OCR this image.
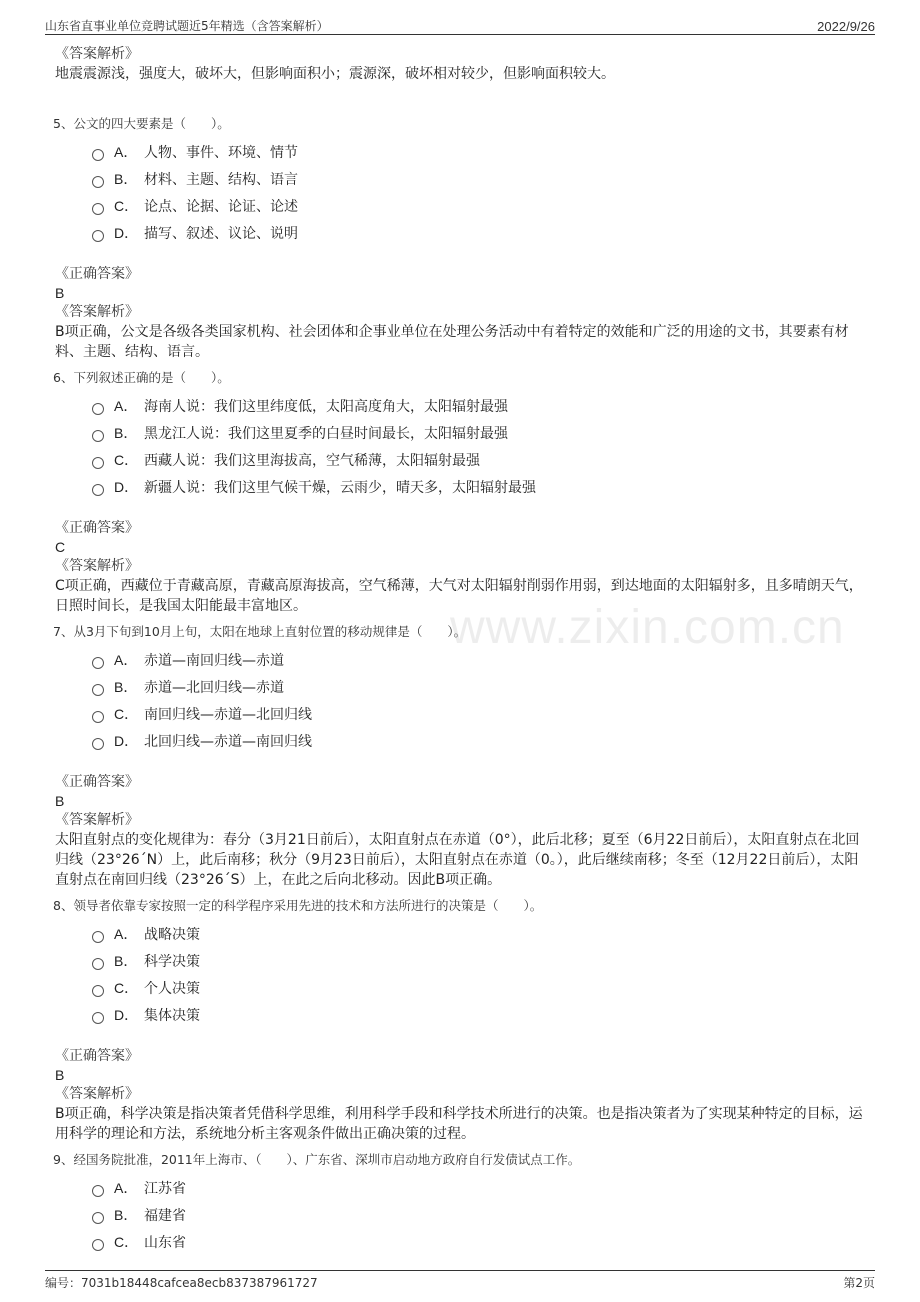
山东省直事业单位竞聘试题近5年精选（含答案解析）	2022/9/26
www.zixin.com.cn
《答案解析》
地震震源浅，强度大，破坏大，但影响面积小；震源深，破坏相对较少，但影响面积较大。
5、公文的四大要素是（　　）。
A． 人物、事件、环境、情节
B． 材料、主题、结构、语言
C． 论点、论据、论证、论述
D． 描写、叙述、议论、说明
《正确答案》
B
《答案解析》
B项正确，公文是各级各类国家机构、社会团体和企事业单位在处理公务活动中有着特定的效能和广泛的用途的文书，其要素有材料、主题、结构、语言。
6、下列叙述正确的是（　　）。
A． 海南人说：我们这里纬度低，太阳高度角大，太阳辐射最强
B． 黑龙江人说：我们这里夏季的白昼时间最长，太阳辐射最强
C． 西藏人说：我们这里海拔高，空气稀薄，太阳辐射最强
D． 新疆人说：我们这里气候干燥，云雨少，晴天多，太阳辐射最强
《正确答案》
C
《答案解析》
C项正确，西藏位于青藏高原，青藏高原海拔高，空气稀薄，大气对太阳辐射削弱作用弱，到达地面的太阳辐射多，且多晴朗天气，日照时间长，是我国太阳能最丰富地区。
7、从3月下旬到10月上旬，太阳在地球上直射位置的移动规律是（　　）。
A． 赤道—南回归线—赤道
B． 赤道—北回归线—赤道
C． 南回归线—赤道—北回归线
D． 北回归线—赤道—南回归线
《正确答案》
B
《答案解析》
太阳直射点的变化规律为：春分（3月21日前后），太阳直射点在赤道（0°），此后北移；夏至（6月22日前后），太阳直射点在北回归线（23°26ˊN）上，此后南移；秋分（9月23日前后），太阳直射点在赤道（0。），此后继续南移；冬至（12月22日前后），太阳直射点在南回归线（23°26ˊS）上，在此之后向北移动。因此B项正确。
8、领导者依靠专家按照一定的科学程序采用先进的技术和方法所进行的决策是（　　）。
A． 战略决策
B． 科学决策
C． 个人决策
D． 集体决策
《正确答案》
B
《答案解析》
B项正确，科学决策是指决策者凭借科学思维，利用科学手段和科学技术所进行的决策。也是指决策者为了实现某种特定的目标，运用科学的理论和方法，系统地分析主客观条件做出正确决策的过程。
9、经国务院批准，2011年上海市、（　　）、广东省、深圳市启动地方政府自行发债试点工作。
A． 江苏省
B． 福建省
C． 山东省
编号：7031b18448cafcea8ecb837387961727	第2页
